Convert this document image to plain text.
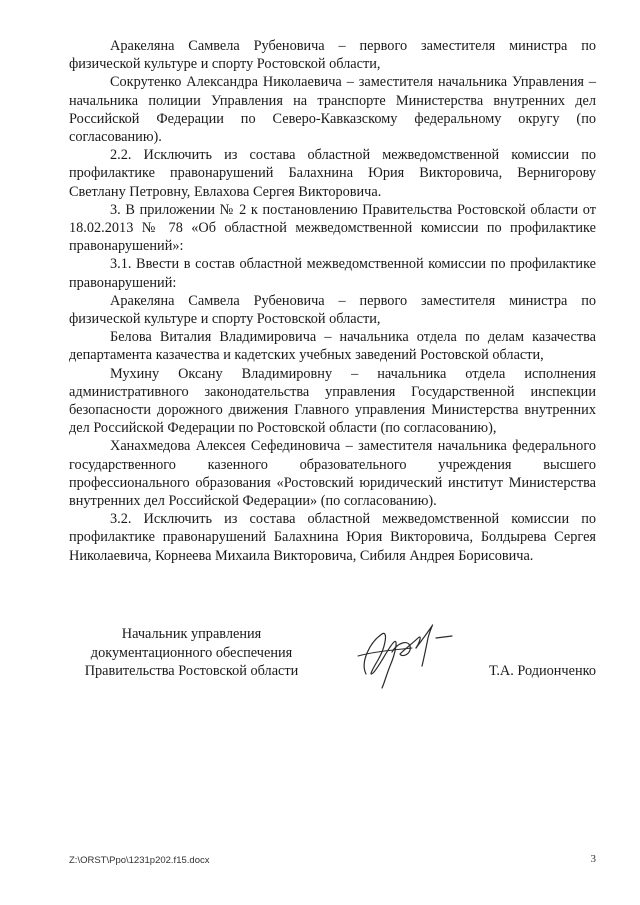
Аракеляна Самвела Рубеновича – первого заместителя министра по физической культуре и спорту Ростовской области,

Сокрутенко Александра Николаевича – заместителя начальника Управления – начальника полиции Управления на транспорте Министерства внутренних дел Российской Федерации по Северо-Кавказскому федеральному округу (по согласованию).

2.2. Исключить из состава областной межведомственной комиссии по профилактике правонарушений Балахнина Юрия Викторовича, Вернигорову Светлану Петровну, Евлахова Сергея Викторовича.

3. В приложении № 2 к постановлению Правительства Ростовской области от 18.02.2013 № 78 «Об областной межведомственной комиссии по профилактике правонарушений»:

3.1. Ввести в состав областной межведомственной комиссии по профилактике правонарушений:

Аракеляна Самвела Рубеновича – первого заместителя министра по физической культуре и спорту Ростовской области,

Белова Виталия Владимировича – начальника отдела по делам казачества департамента казачества и кадетских учебных заведений Ростовской области,

Мухину Оксану Владимировну – начальника отдела исполнения административного законодательства управления Государственной инспекции безопасности дорожного движения Главного управления Министерства внутренних дел Российской Федерации по Ростовской области (по согласованию),

Ханахмедова Алексея Сефединовича – заместителя начальника федерального государственного казенного образовательного учреждения высшего профессионального образования «Ростовский юридический институт Министерства внутренних дел Российской Федерации» (по согласованию).

3.2. Исключить из состава областной межведомственной комиссии по профилактике правонарушений Балахнина Юрия Викторовича, Болдырева Сергея Николаевича, Корнеева Михаила Викторовича, Сибиля Андрея Борисовича.

Начальник управления
документационного обеспечения
Правительства Ростовской области	Т.А. Родионченко
Z:\ORST\Ppo\1231p202.f15.docx	3
